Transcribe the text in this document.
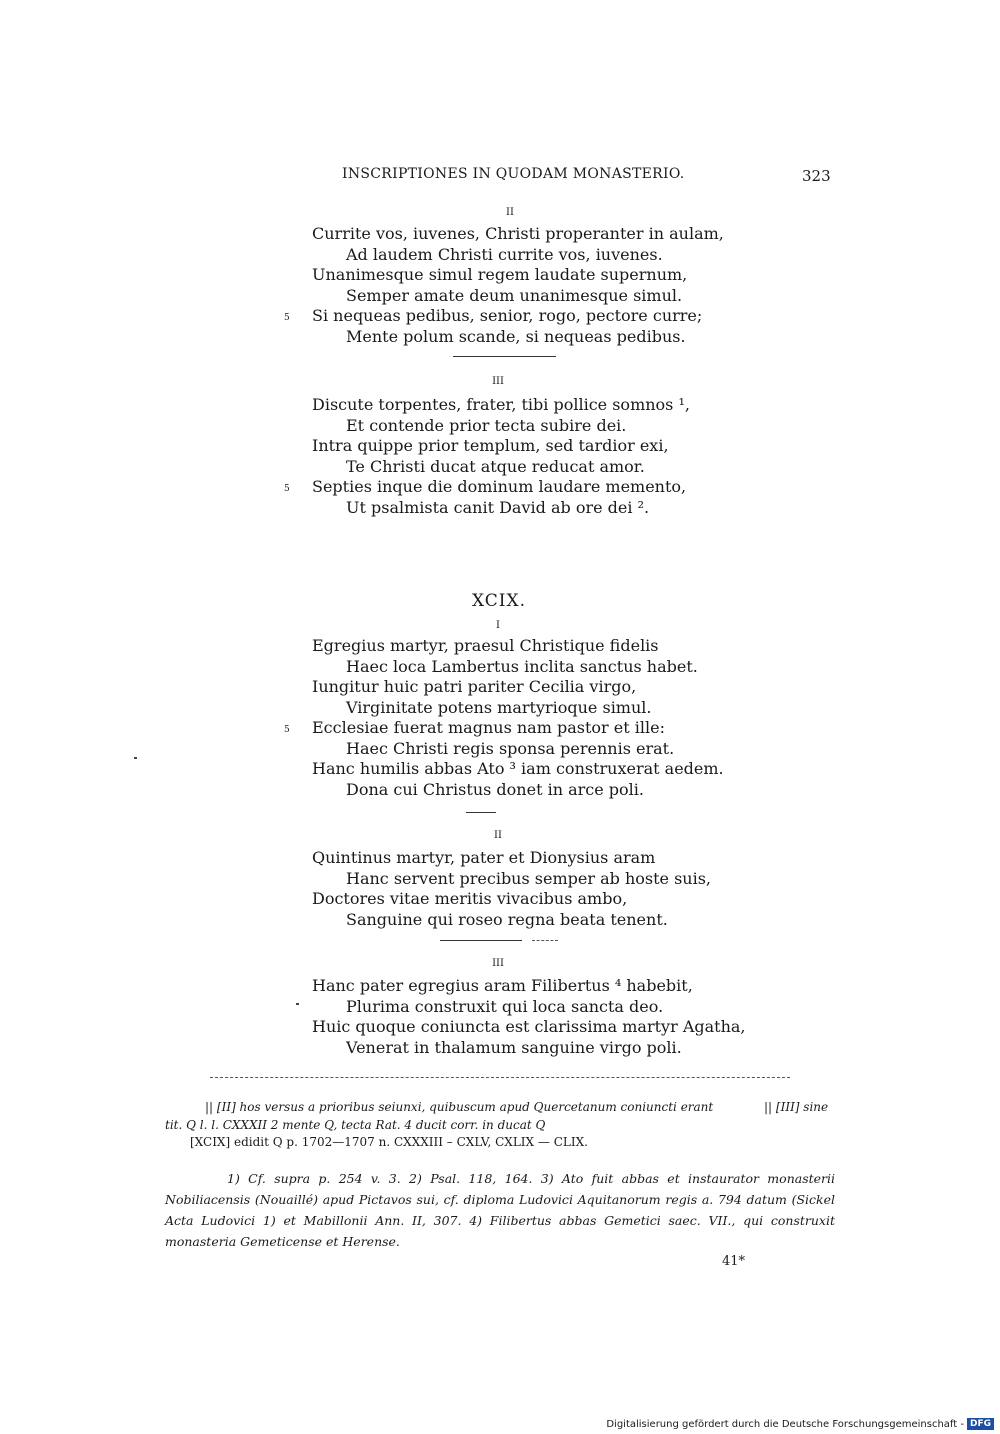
INSCRIPTIONES IN QUODAM MONASTERIO.	323
II
Currite vos, iuvenes, Christi properanter in aulam,
Ad laudem Christi currite vos, iuvenes.
Unanimesque simul regem laudate supernum,
Semper amate deum unanimesque simul.
5 Si nequeas pedibus, senior, rogo, pectore curre;
Mente polum scande, si nequeas pedibus.
III
Discute torpentes, frater, tibi pollice somnos ¹,
Et contende prior tecta subire dei.
Intra quippe prior templum, sed tardior exi,
Te Christi ducat atque reducat amor.
5 Septies inque die dominum laudare memento,
Ut psalmista canit David ab ore dei ².
XCIX.
I
Egregius martyr, praesul Christique fidelis
Haec loca Lambertus inclita sanctus habet.
Iungitur huic patri pariter Cecilia virgo,
Virginitate potens martyrioque simul.
5 Ecclesiae fuerat magnus nam pastor et ille:
Haec Christi regis sponsa perennis erat.
Hanc humilis abbas Ato ³ iam construxerat aedem.
Dona cui Christus donet in arce poli.
II
Quintinus martyr, pater et Dionysius aram
Hanc servent precibus semper ab hoste suis,
Doctores vitae meritis vivacibus ambo,
Sanguine qui roseo regna beata tenent.
III
Hanc pater egregius aram Filibertus ⁴ habebit,
Plurima construxit qui loca sancta deo.
Huic quoque coniuncta est clarissima martyr Agatha,
Venerat in thalamum sanguine virgo poli.
|| [II] hos versus a prioribus seiunxi, quibuscum apud Quercetanum coniuncti erant	|| [III] sine
tit. Q l. l. CXXXII 2 mente Q, tecta Rat. 4 ducit corr. in ducat Q
[XCIX] edidit Q p. 1702—1707 n. CXXXIII – CXLV, CXLIX — CLIX.
1) Cf. supra p. 254 v. 3. 2) Psal. 118, 164. 3) Ato fuit abbas et instaurator monasterii Nobiliacensis (Nouaillé) apud Pictavos sui, cf. diploma Ludovici Aquitanorum regis a. 794 datum (Sickel Acta Ludovici 1) et Mabillonii Ann. II, 307. 4) Filibertus abbas Gemetici saec. VII., qui construxit monasteria Gemeticense et Herense.
41*
Digitalisierung gefördert durch die Deutsche Forschungsgemeinschaft - DFG
